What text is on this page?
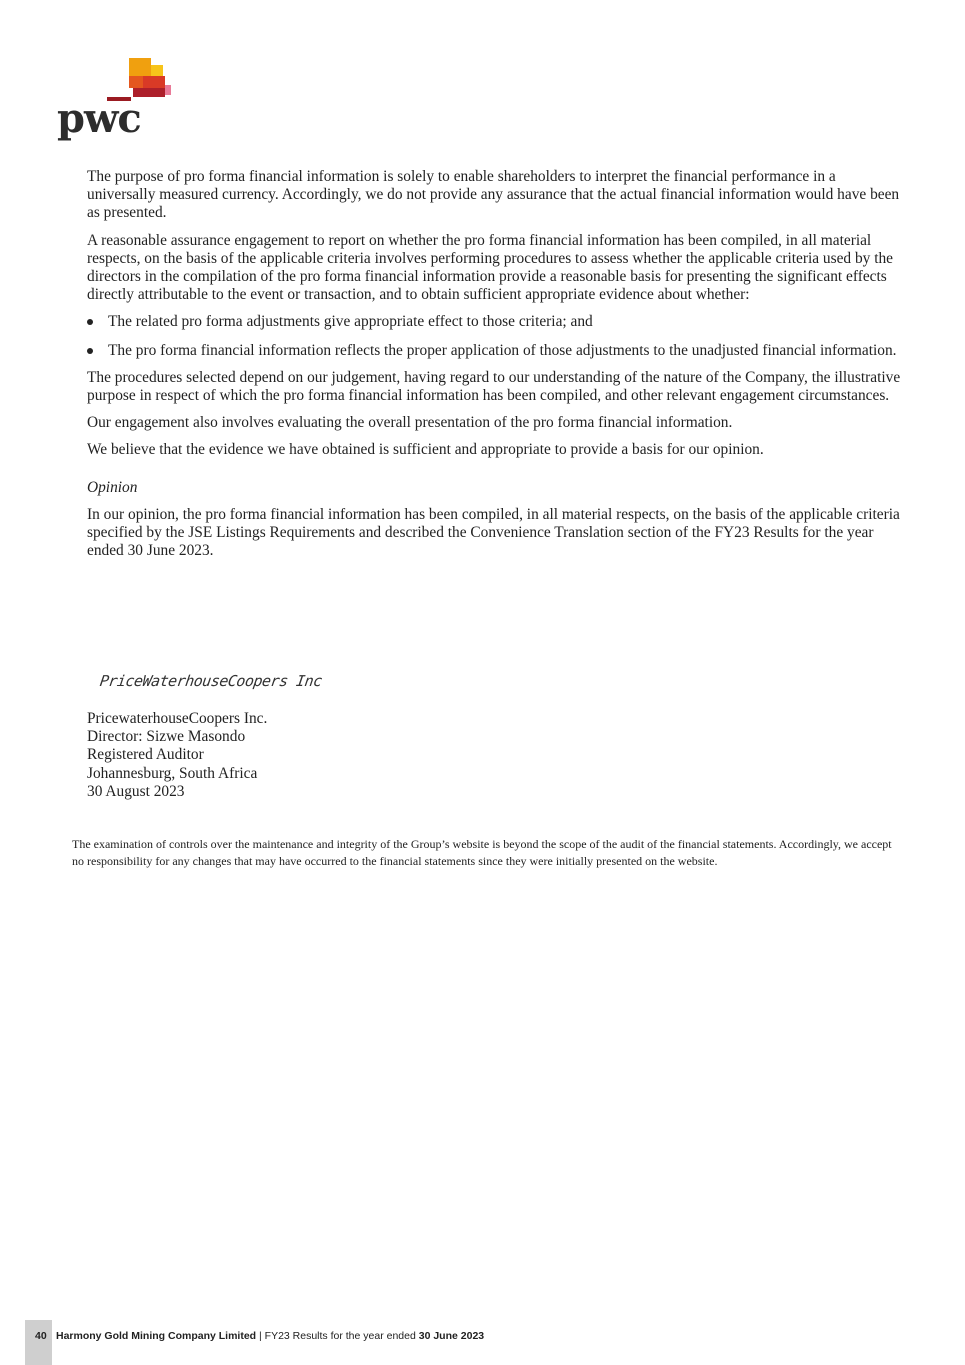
pwc

The purpose of pro forma financial information is solely to enable shareholders to interpret the financial performance in a universally measured currency. Accordingly, we do not provide any assurance that the actual financial information would have been as presented.

A reasonable assurance engagement to report on whether the pro forma financial information has been compiled, in all material respects, on the basis of the applicable criteria involves performing procedures to assess whether the applicable criteria used by the directors in the compilation of the pro forma financial information provide a reasonable basis for presenting the significant effects directly attributable to the event or transaction, and to obtain sufficient appropriate evidence about whether:

The related pro forma adjustments give appropriate effect to those criteria; and
The pro forma financial information reflects the proper application of those adjustments to the unadjusted financial information.

The procedures selected depend on our judgement, having regard to our understanding of the nature of the Company, the illustrative purpose in respect of which the pro forma financial information has been compiled, and other relevant engagement circumstances.

Our engagement also involves evaluating the overall presentation of the pro forma financial information.

We believe that the evidence we have obtained is sufficient and appropriate to provide a basis for our opinion.

Opinion

In our opinion, the pro forma financial information has been compiled, in all material respects, on the basis of the applicable criteria specified by the JSE Listings Requirements and described the Convenience Translation section of the FY23 Results for the year ended 30 June 2023.

PriceWaterhouseCoopers Inc
PricewaterhouseCoopers Inc.
Director: Sizwe Masondo
Registered Auditor
Johannesburg, South Africa
30 August 2023
The examination of controls over the maintenance and integrity of the Group’s website is beyond the scope of the audit of the financial statements. Accordingly, we accept no responsibility for any changes that may have occurred to the financial statements since they were initially presented on the website.
40 Harmony Gold Mining Company Limited | FY23 Results for the year ended 30 June 2023
